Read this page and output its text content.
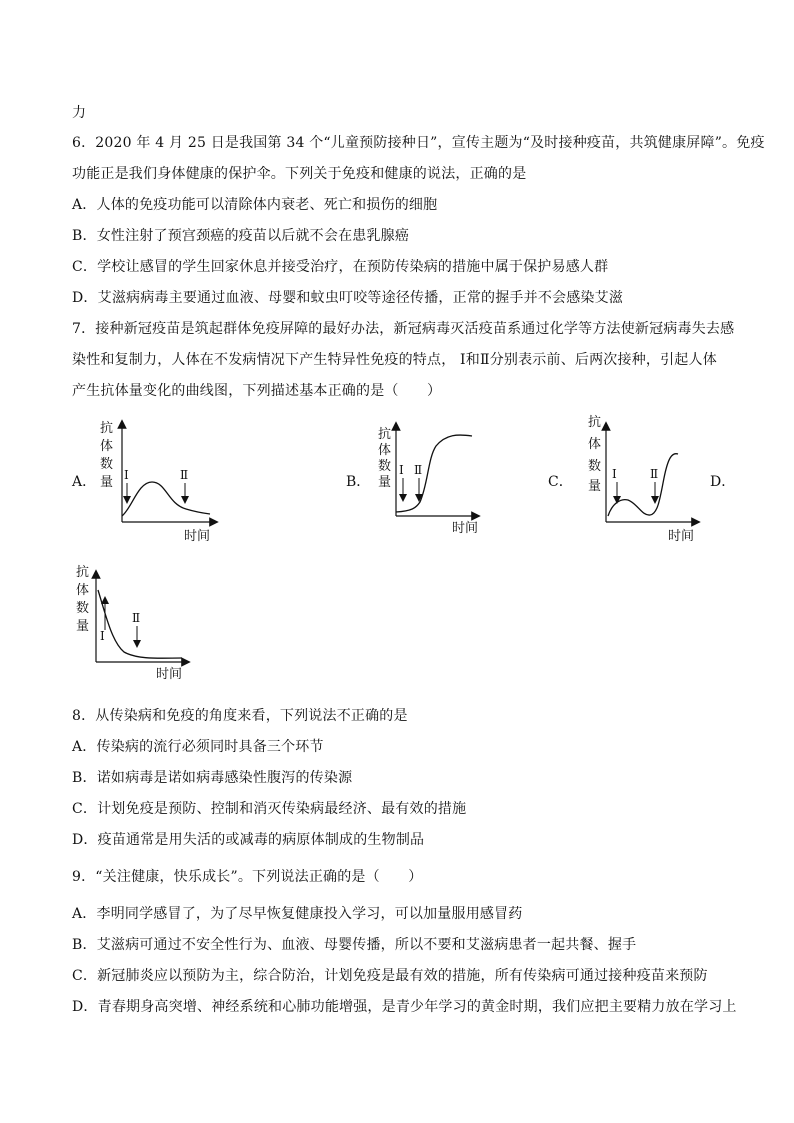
力
6．2020 年 4 月 25 日是我国第 34 个“儿童预防接种日”，宣传主题为“及时接种疫苗，共筑健康屏障”。免疫
功能正是我们身体健康的保护伞。下列关于免疫和健康的说法，正确的是
A．人体的免疫功能可以清除体内衰老、死亡和损伤的细胞
B．女性注射了预宫颈癌的疫苗以后就不会在患乳腺癌
C．学校让感冒的学生回家休息并接受治疗，在预防传染病的措施中属于保护易感人群
D．艾滋病病毒主要通过血液、母婴和蚊虫叮咬等途径传播，正常的握手并不会感染艾滋
7．接种新冠疫苗是筑起群体免疫屏障的最好办法，新冠病毒灭活疫苗系通过化学等方法使新冠病毒失去感
染性和复制力，人体在不发病情况下产生特异性免疫的特点， Ⅰ和Ⅱ分别表示前、后两次接种，引起人体
产生抗体量变化的曲线图，下列描述基本正确的是（　　）
A．	B．	C．	D．
抗
体
数
量
时间
Ⅰ	Ⅱ
抗
体
数
量
时间
Ⅰ Ⅱ
抗
体
数
量
时间
Ⅰ	Ⅱ
抗
体
数
量
时间
Ⅰ
Ⅱ
8．从传染病和免疫的角度来看，下列说法不正确的是
A．传染病的流行必须同时具备三个环节
B．诺如病毒是诺如病毒感染性腹泻的传染源
C．计划免疫是预防、控制和消灭传染病最经济、最有效的措施
D．疫苗通常是用失活的或减毒的病原体制成的生物制品
9．“关注健康，快乐成长”。下列说法正确的是（　　）
A．李明同学感冒了，为了尽早恢复健康投入学习，可以加量服用感冒药
B．艾滋病可通过不安全性行为、血液、母婴传播，所以不要和艾滋病患者一起共餐、握手
C．新冠肺炎应以预防为主，综合防治，计划免疫是最有效的措施，所有传染病可通过接种疫苗来预防
D．青春期身高突增、神经系统和心肺功能增强，是青少年学习的黄金时期，我们应把主要精力放在学习上
